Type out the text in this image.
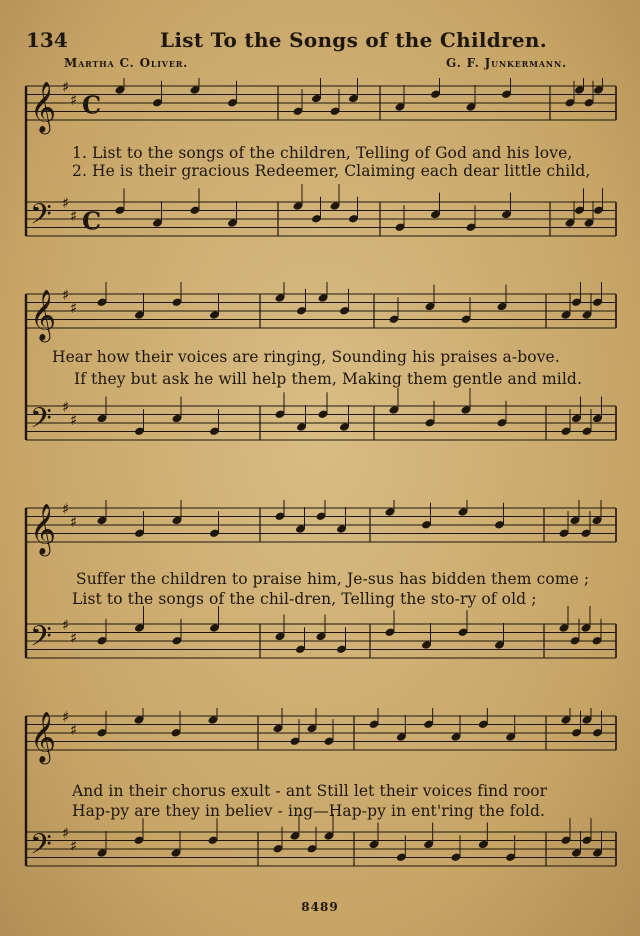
134	List To the Songs of the Children.
Martha C. Oliver.	G. F. Junkermann.
𝄞 ♯
♯ C
𝄢 ♯
♯ C
1. List to the songs of the children, Telling of God and his love,
2. He is their gracious Redeemer, Claiming each dear little child,
𝄞 ♯
♯
𝄢 ♯
♯
Hear how their voices are ringing, Sounding his praises a-bove.
If they but ask he will help them, Making them gentle and mild.
𝄞 ♯
♯
𝄢 ♯
♯
Suffer the children to praise him, Je-sus has bidden them come ;
List to the songs of the chil-dren, Telling the sto-ry of old ;
𝄞 ♯
♯
𝄢 ♯
♯
And in their chorus exult - ant Still let their voices find roor
Hap-py are they in believ - ing—Hap-py in ent'ring the fold.
8489
